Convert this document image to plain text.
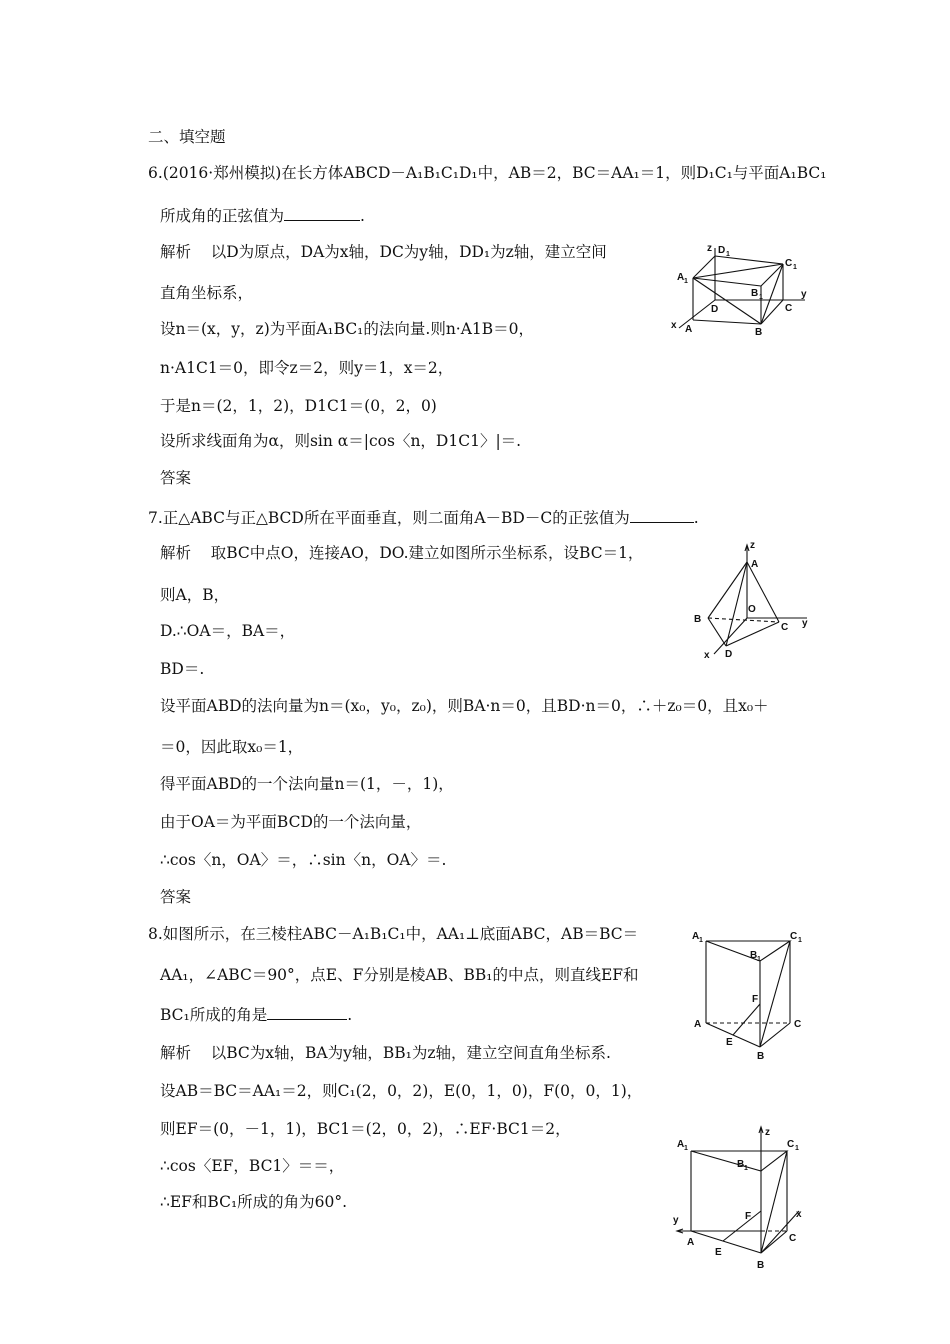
二、填空题
6.(2016·郑州模拟)在长方体ABCD－A₁B₁C₁D₁中，AB＝2，BC＝AA₁＝1，则D₁C₁与平面A₁BC₁
所成角的正弦值为	.
解析 以D为原点，DA为x轴，DC为y轴，DD₁为z轴，建立空间
直角坐标系，
设n＝(x，y，z)为平面A₁BC₁的法向量.则n·A1B＝0，
n·A1C1＝0，即令z＝2，则y＝1，x＝2，
于是n＝(2，1，2)，D1C1＝(0，2，0)
设所求线面角为α，则sin α＝|cos〈n，D1C1〉|＝.
答案
z D 1
C 1
A 1
B 1	y
D	C
x A	B
7.正△ABC与正△BCD所在平面垂直，则二面角A－BD－C的正弦值为	.
解析 取BC中点O，连接AO，DO.建立如图所示坐标系，设BC＝1，
则A，B，
D.∴OA＝，BA＝，
BD＝.
设平面ABD的法向量为n＝(x₀，y₀，z₀)，则BA·n＝0，且BD·n＝0，∴＋z₀＝0，且x₀＋
＝0，因此取x₀＝1，
得平面ABD的一个法向量n＝(1，－，1)，
由于OA＝为平面BCD的一个法向量，
∴cos〈n，OA〉＝，∴sin〈n，OA〉＝.
答案
z
A
B
O
C y
x D
8.如图所示，在三棱柱ABC－A₁B₁C₁中，AA₁⊥底面ABC，AB＝BC＝
AA₁，∠ABC＝90°，点E、F分别是棱AB、BB₁的中点，则直线EF和
BC₁所成的角是	.
解析 以BC为x轴，BA为y轴，BB₁为z轴，建立空间直角坐标系.
设AB＝BC＝AA₁＝2，则C₁(2，0，2)，E(0，1，0)，F(0，0，1)，
则EF＝(0，－1，1)，BC1＝(2，0，2)，∴EF·BC1＝2，
∴cos〈EF，BC1〉＝＝，
∴EF和BC₁所成的角为60°.
A 1	C 1
B 1
F
A	C
E
B
A 1
z
C 1
B 1
y	F	x
A	C
E
B
